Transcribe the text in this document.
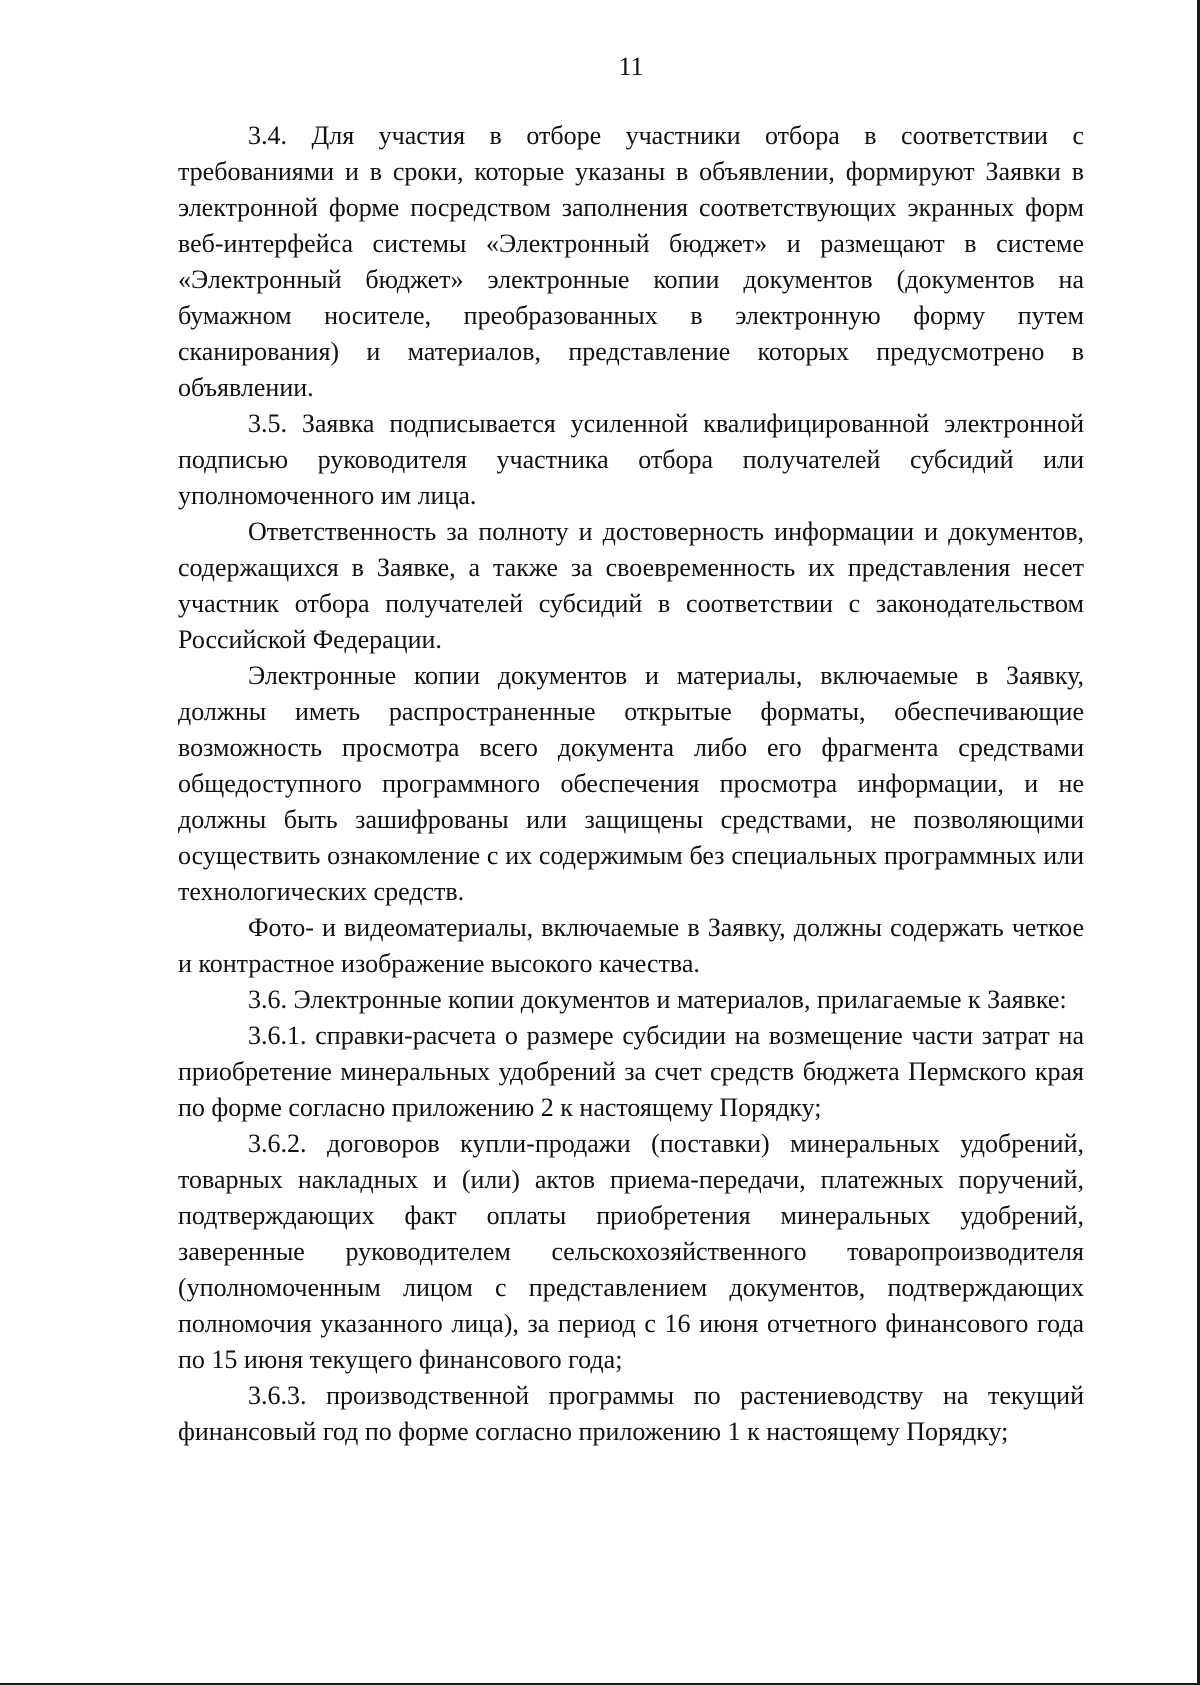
11

3.4. Для участия в отборе участники отбора в соответствии с требованиями и в сроки, которые указаны в объявлении, формируют Заявки в электронной форме посредством заполнения соответствующих экранных форм веб-интерфейса системы «Электронный бюджет» и размещают в системе «Электронный бюджет» электронные копии документов (документов на бумажном носителе, преобразованных в электронную форму путем сканирования) и материалов, представление которых предусмотрено в объявлении.

3.5. Заявка подписывается усиленной квалифицированной электронной подписью руководителя участника отбора получателей субсидий или уполномоченного им лица.

Ответственность за полноту и достоверность информации и документов, содержащихся в Заявке, а также за своевременность их представления несет участник отбора получателей субсидий в соответствии с законодательством Российской Федерации.

Электронные копии документов и материалы, включаемые в Заявку, должны иметь распространенные открытые форматы, обеспечивающие возможность просмотра всего документа либо его фрагмента средствами общедоступного программного обеспечения просмотра информации, и не должны быть зашифрованы или защищены средствами, не позволяющими осуществить ознакомление с их содержимым без специальных программных или технологических средств.

Фото- и видеоматериалы, включаемые в Заявку, должны содержать четкое и контрастное изображение высокого качества.

3.6. Электронные копии документов и материалов, прилагаемые к Заявке:

3.6.1. справки-расчета о размере субсидии на возмещение части затрат на приобретение минеральных удобрений за счет средств бюджета Пермского края по форме согласно приложению 2 к настоящему Порядку;

3.6.2. договоров купли-продажи (поставки) минеральных удобрений, товарных накладных и (или) актов приема-передачи, платежных поручений, подтверждающих факт оплаты приобретения минеральных удобрений, заверенные руководителем сельскохозяйственного товаропроизводителя (уполномоченным лицом с представлением документов, подтверждающих полномочия указанного лица), за период с 16 июня отчетного финансового года по 15 июня текущего финансового года;

3.6.3. производственной программы по растениеводству на текущий финансовый год по форме согласно приложению 1 к настоящему Порядку;
